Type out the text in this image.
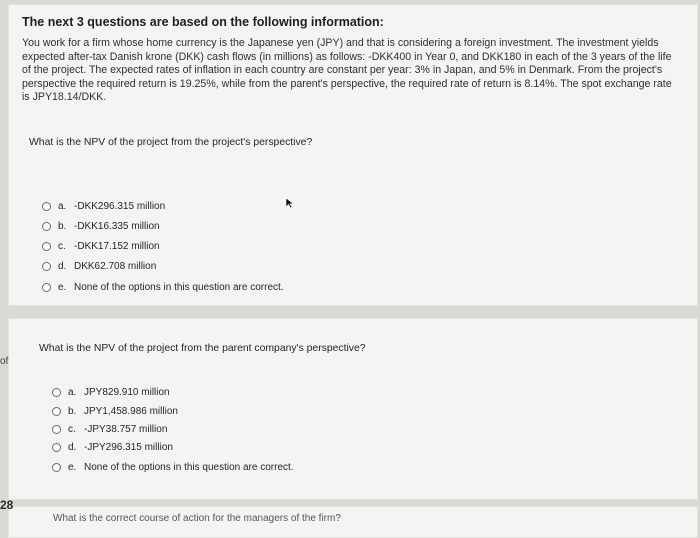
The next 3 questions are based on the following information:
You work for a firm whose home currency is the Japanese yen (JPY) and that is considering a foreign investment. The investment yields
expected after-tax Danish krone (DKK) cash flows (in millions) as follows: -DKK400 in Year 0, and DKK180 in each of the 3 years of the life
of the project. The expected rates of inflation in each country are constant per year: 3% in Japan, and 5% in Denmark. From the project's
perspective the required return is 19.25%, while from the parent's perspective, the required rate of return is 8.14%. The spot exchange rate
is JPY18.14/DKK.
What is the NPV of the project from the project's perspective?
a. -DKK296.315 million
b. -DKK16.335 million
c. -DKK17.152 million
d. DKK62.708 million
e. None of the options in this question are correct.
What is the NPV of the project from the parent company's perspective?
a. JPY829.910 million
b. JPY1,458.986 million
c. -JPY38.757 million
d. -JPY296.315 million
e. None of the options in this question are correct.
What is the correct course of action for the managers of the firm?
of
28
